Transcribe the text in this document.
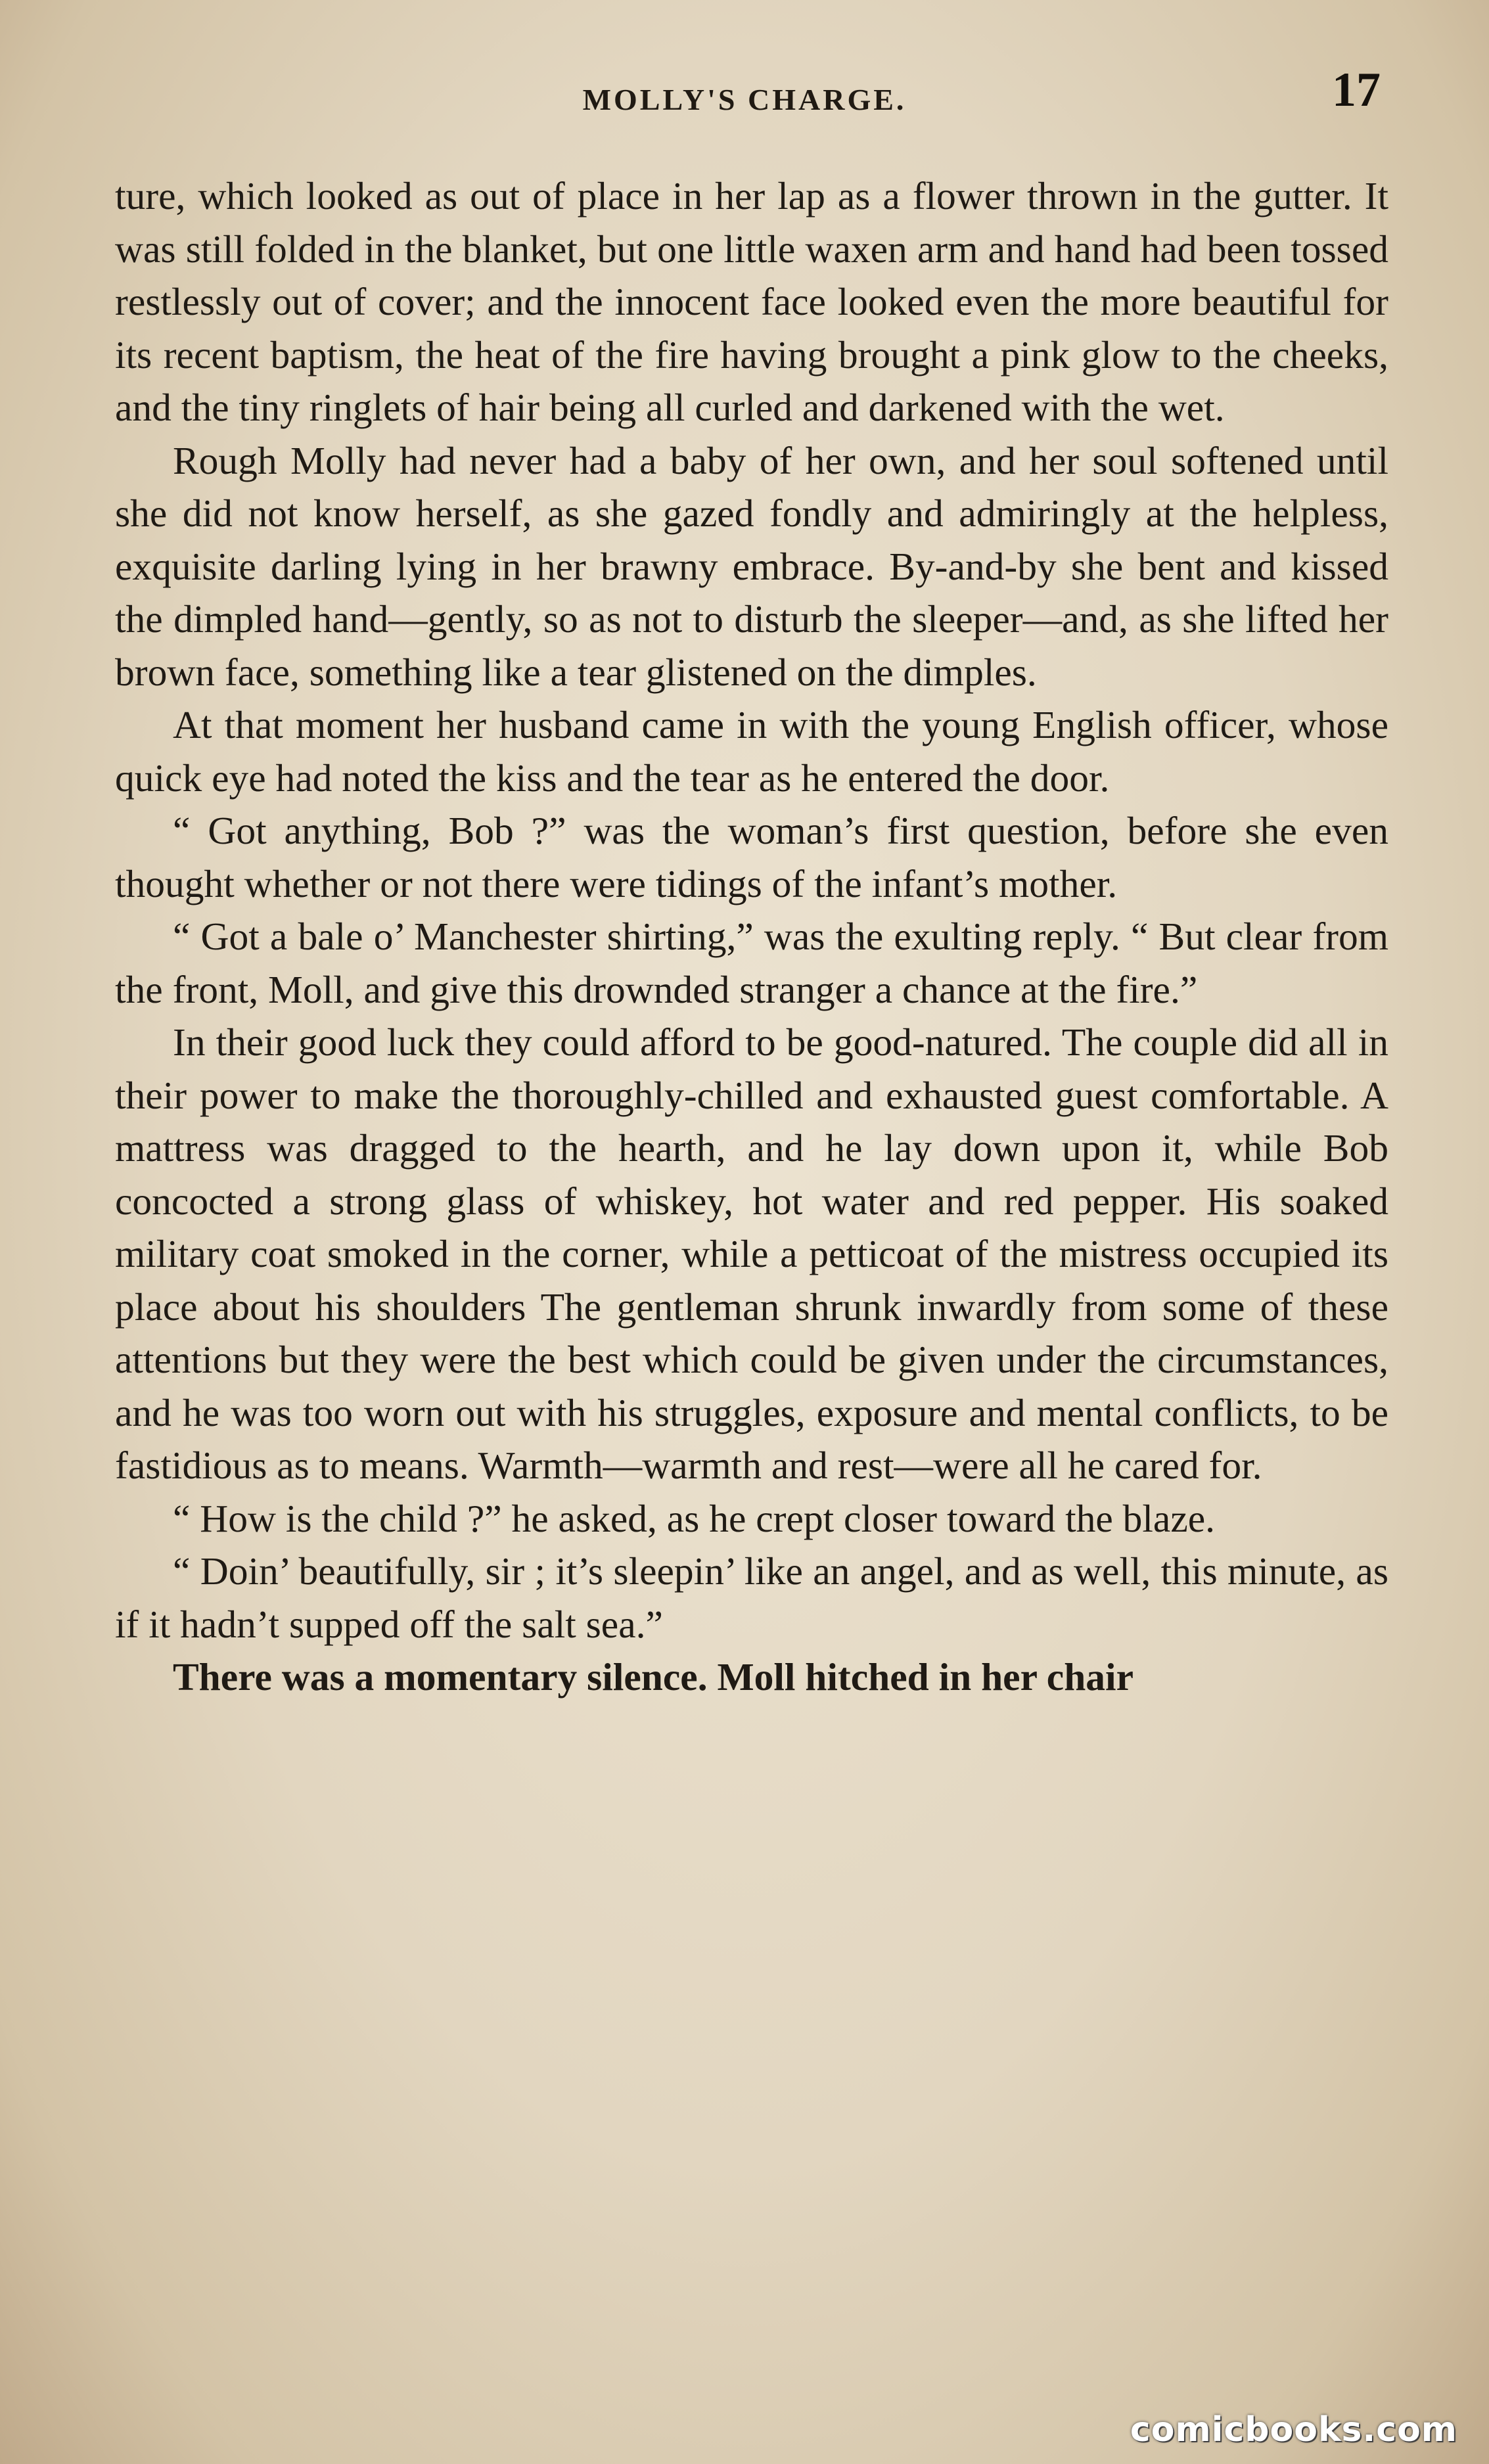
MOLLY'S CHARGE.	17

ture, which looked as out of place in her lap as a flower thrown in the gutter. It was still folded in the blanket, but one little waxen arm and hand had been tossed restlessly out of cover; and the innocent face looked even the more beautiful for its recent baptism, the heat of the fire having brought a pink glow to the cheeks, and the tiny ringlets of hair being all curled and darkened with the wet.

Rough Molly had never had a baby of her own, and her soul softened until she did not know herself, as she gazed fondly and admiringly at the helpless, exquisite darling lying in her brawny embrace. By-and-by she bent and kissed the dimpled hand—gently, so as not to disturb the sleeper—and, as she lifted her brown face, something like a tear glistened on the dimples.

At that moment her husband came in with the young English officer, whose quick eye had noted the kiss and the tear as he entered the door.

“ Got anything, Bob ?” was the woman’s first question, before she even thought whether or not there were tidings of the infant’s mother.

“ Got a bale o’ Manchester shirting,” was the exulting reply. “ But clear from the front, Moll, and give this drownded stranger a chance at the fire.”

In their good luck they could afford to be good-natured. The couple did all in their power to make the thoroughly-chilled and exhausted guest comfortable. A mattress was dragged to the hearth, and he lay down upon it, while Bob concocted a strong glass of whiskey, hot water and red pepper. His soaked military coat smoked in the corner, while a petticoat of the mistress occupied its place about his shoulders The gentleman shrunk inwardly from some of these attentions but they were the best which could be given under the circumstances, and he was too worn out with his struggles, exposure and mental conflicts, to be fastidious as to means. Warmth—warmth and rest—were all he cared for.

“ How is the child ?” he asked, as he crept closer toward the blaze.

“ Doin’ beautifully, sir ; it’s sleepin’ like an angel, and as well, this minute, as if it hadn’t supped off the salt sea.”

There was a momentary silence. Moll hitched in her chair

comicbooks.com
